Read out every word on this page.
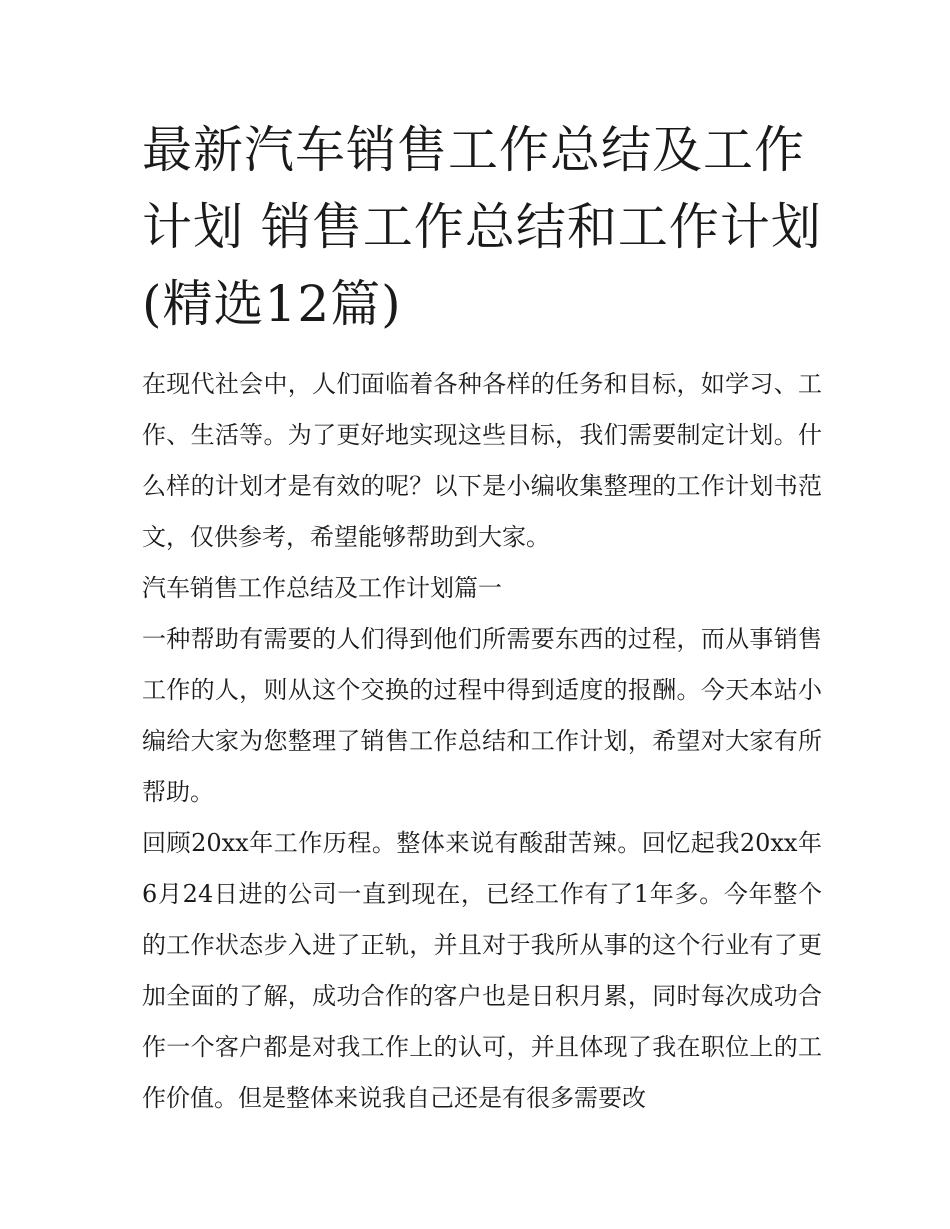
最新汽车销售工作总结及工作计划 销售工作总结和工作计划(精选12篇)

在现代社会中，人们面临着各种各样的任务和目标，如学习、工作、生活等。为了更好地实现这些目标，我们需要制定计划。什么样的计划才是有效的呢？以下是小编收集整理的工作计划书范文，仅供参考，希望能够帮助到大家。

汽车销售工作总结及工作计划篇一

一种帮助有需要的人们得到他们所需要东西的过程，而从事销售工作的人，则从这个交换的过程中得到适度的报酬。今天本站小编给大家为您整理了销售工作总结和工作计划，希望对大家有所帮助。

回顾20xx年工作历程。整体来说有酸甜苦辣。回忆起我20xx年6月24日进的公司一直到现在，已经工作有了1年多。今年整个的工作状态步入进了正轨，并且对于我所从事的这个行业有了更加全面的了解，成功合作的客户也是日积月累，同时每次成功合作一个客户都是对我工作上的认可，并且体现了我在职位上的工作价值。但是整体来说我自己还是有很多需要改
